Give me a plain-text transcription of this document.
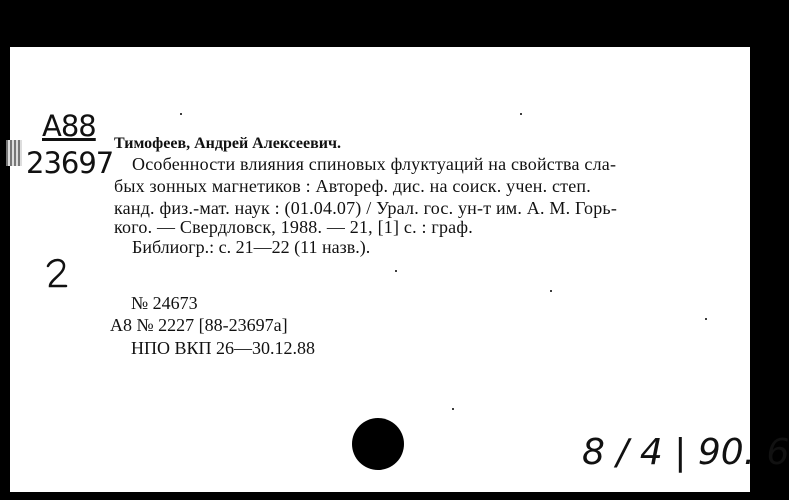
A88
23697
Тимофеев, Андрей Алексеевич.
Особенности влияния спиновых флуктуаций на свойства сла-
бых зонных магнетиков : Автореф. дис. на соиск. учен. степ.
канд. физ.-мат. наук : (01.04.07) / Урал. гос. ун-т им. А. М. Горь-
кого. — Свердловск, 1988. — 21, [1] с. : граф.
Библиогр.: с. 21—22 (11 назв.).
№ 24673
A8 № 2227 [88-23697а]
НПО ВКП 26—30.12.88
8 / 4 | 90. 6
